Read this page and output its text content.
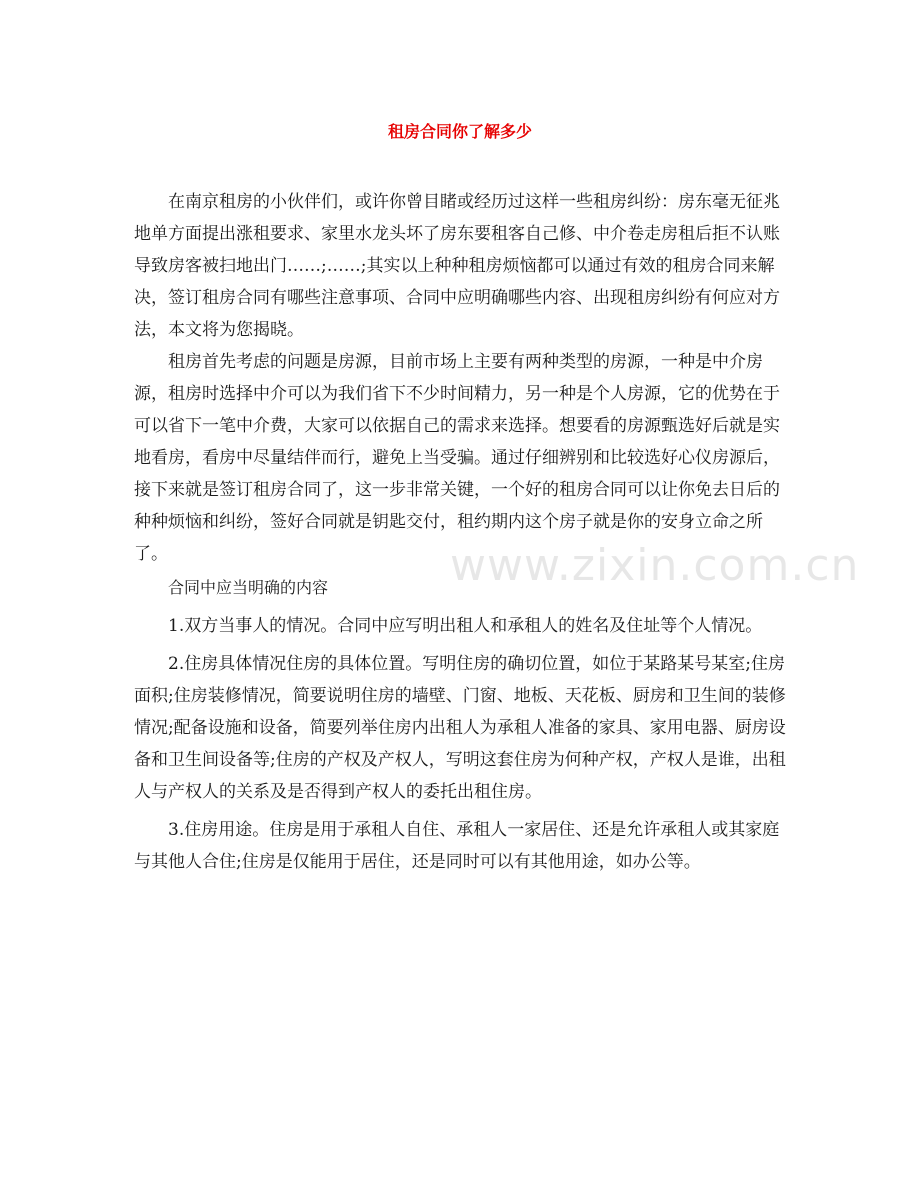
租房合同你了解多少

在南京租房的小伙伴们，或许你曾目睹或经历过这样一些租房纠纷：房东毫无征兆地单方面提出涨租要求、家里水龙头坏了房东要租客自己修、中介卷走房租后拒不认账导致房客被扫地出门……;……;其实以上种种租房烦恼都可以通过有效的租房合同来解决，签订租房合同有哪些注意事项、合同中应明确哪些内容、出现租房纠纷有何应对方法，本文将为您揭晓。

租房首先考虑的问题是房源，目前市场上主要有两种类型的房源，一种是中介房源，租房时选择中介可以为我们省下不少时间精力，另一种是个人房源，它的优势在于可以省下一笔中介费，大家可以依据自己的需求来选择。想要看的房源甄选好后就是实地看房，看房中尽量结伴而行，避免上当受骗。通过仔细辨别和比较选好心仪房源后，接下来就是签订租房合同了，这一步非常关键，一个好的租房合同可以让你免去日后的种种烦恼和纠纷，签好合同就是钥匙交付，租约期内这个房子就是你的安身立命之所了。

合同中应当明确的内容

1.双方当事人的情况。合同中应写明出租人和承租人的姓名及住址等个人情况。

2.住房具体情况住房的具体位置。写明住房的确切位置，如位于某路某号某室;住房面积;住房装修情况，简要说明住房的墙壁、门窗、地板、天花板、厨房和卫生间的装修情况;配备设施和设备，简要列举住房内出租人为承租人准备的家具、家用电器、厨房设备和卫生间设备等;住房的产权及产权人，写明这套住房为何种产权，产权人是谁，出租人与产权人的关系及是否得到产权人的委托出租住房。

3.住房用途。住房是用于承租人自住、承租人一家居住、还是允许承租人或其家庭与其他人合住;住房是仅能用于居住，还是同时可以有其他用途，如办公等。

www.zixin.com.cn
